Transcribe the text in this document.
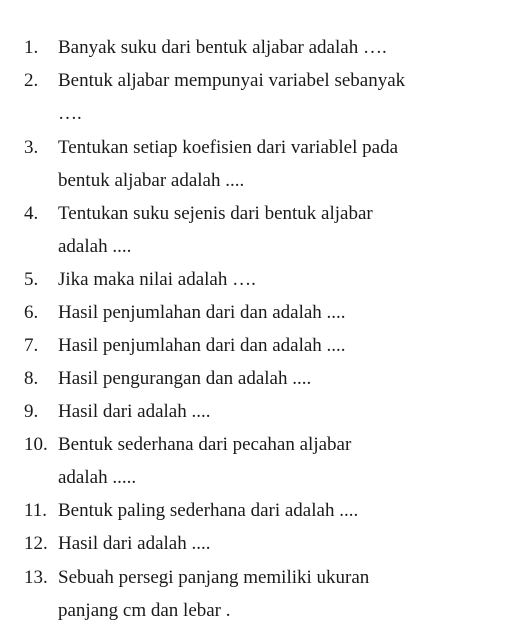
1. Banyak suku dari bentuk aljabar adalah ….
2. Bentuk aljabar mempunyai variabel sebanyak
….
3. Tentukan setiap koefisien dari variablel pada
bentuk aljabar adalah ....
4. Tentukan suku sejenis dari bentuk aljabar
adalah ....
5. Jika maka nilai adalah ….
6. Hasil penjumlahan dari dan adalah ....
7. Hasil penjumlahan dari dan adalah ....
8. Hasil pengurangan dan adalah ....
9. Hasil dari adalah ....
10. Bentuk sederhana dari pecahan aljabar
adalah .....
11. Bentuk paling sederhana dari adalah ....
12. Hasil dari adalah ....
13. Sebuah persegi panjang memiliki ukuran
panjang cm dan lebar .
